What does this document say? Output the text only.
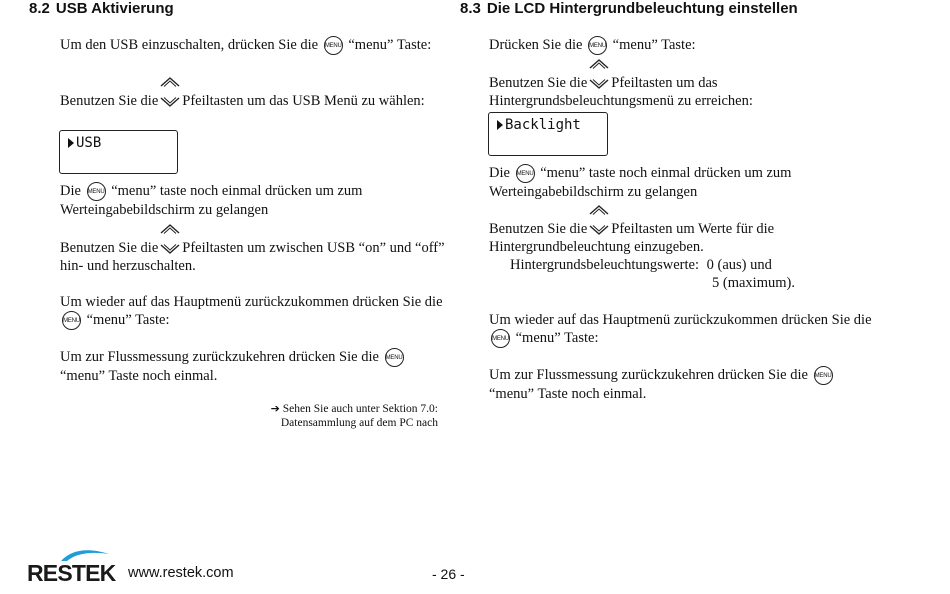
8.2 USB Aktivierung

Um den USB einzuschalten, drücken Sie die MENU “menu” Taste:

Benutzen Sie die Pfeiltasten um das USB Menü zu wählen:

USB

Die MENU “menu” taste noch einmal drücken um zum Werteingabebildschirm zu gelangen

Benutzen Sie die Pfeiltasten um zwischen USB “on” und “off” hin- und herzuschalten.

Um wieder auf das Hauptmenü zurückzukommen drücken Sie die MENU “menu” Taste:

Um zur Flussmessung zurückzukehren drücken Sie die MENU “menu” Taste noch einmal.

➔ Sehen Sie auch unter Sektion 7.0:
Datensammlung auf dem PC nach

8.3 Die LCD Hintergrundbeleuchtung einstellen

Drücken Sie die MENU “menu” Taste:

Benutzen Sie die Pfeiltasten um das Hintergrundsbeleuchtungsmenü zu erreichen:

Backlight

Die MENU “menu” taste noch einmal drücken um zum Werteingabebildschirm zu gelangen

Benutzen Sie die Pfeiltasten um Werte für die Hintergrundbeleuchtung einzugeben.

Hintergrundsbeleuchtungswerte: 0 (aus) und
5 (maximum).

Um wieder auf das Hauptmenü zurückzukommen drücken Sie die MENU “menu” Taste:

Um zur Flussmessung zurückzukehren drücken Sie die MENU “menu” Taste noch einmal.

RESTEK www.restek.com	- 26 -
